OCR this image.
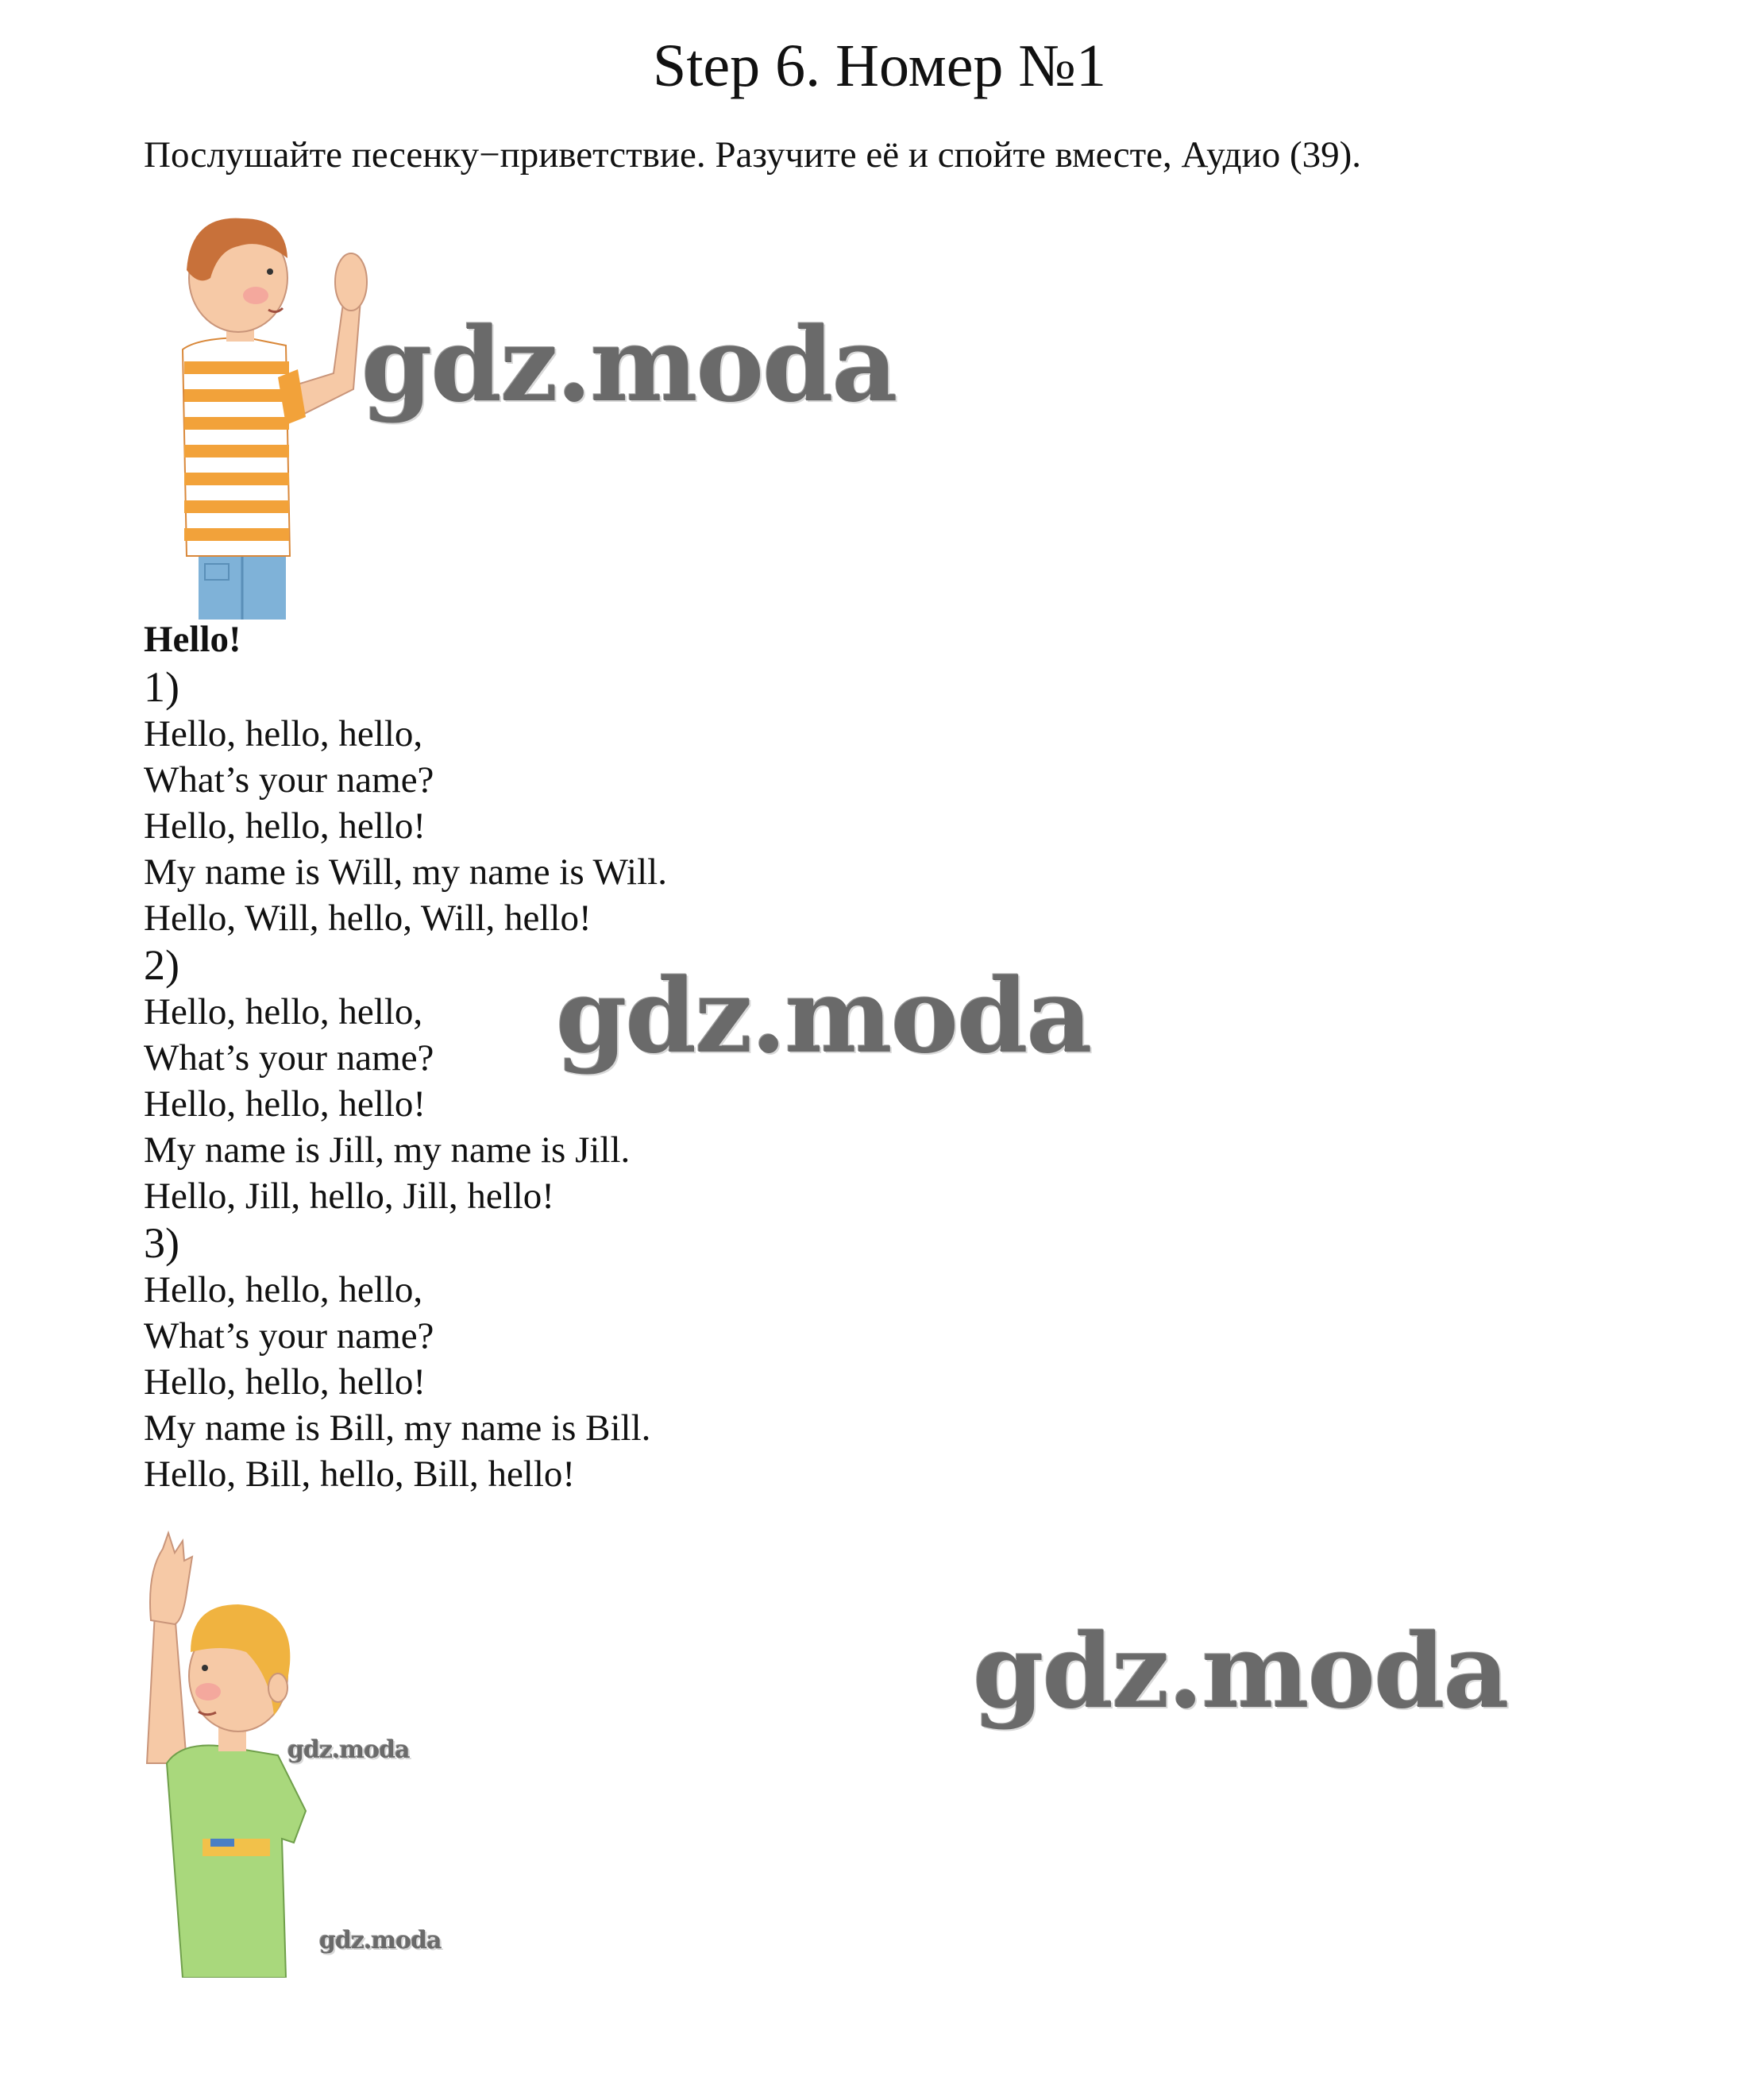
Step 6. Номер №1
Послушайте песенку−приветствие. Разучите её и спойте вместе, Аудио (39).
gdz.moda
Hello!
1)
Hello, hello, hello,
What’s your name?
Hello, hello, hello!
My name is Will, my name is Will.
Hello, Will, hello, Will, hello!
2)
Hello, hello, hello,
What’s your name?
Hello, hello, hello!
My name is Jill, my name is Jill.
Hello, Jill, hello, Jill, hello!
3)
Hello, hello, hello,
What’s your name?
Hello, hello, hello!
My name is Bill, my name is Bill.
Hello, Bill, hello, Bill, hello!
gdz.moda
gdz.moda
gdz.moda
gdz.moda
